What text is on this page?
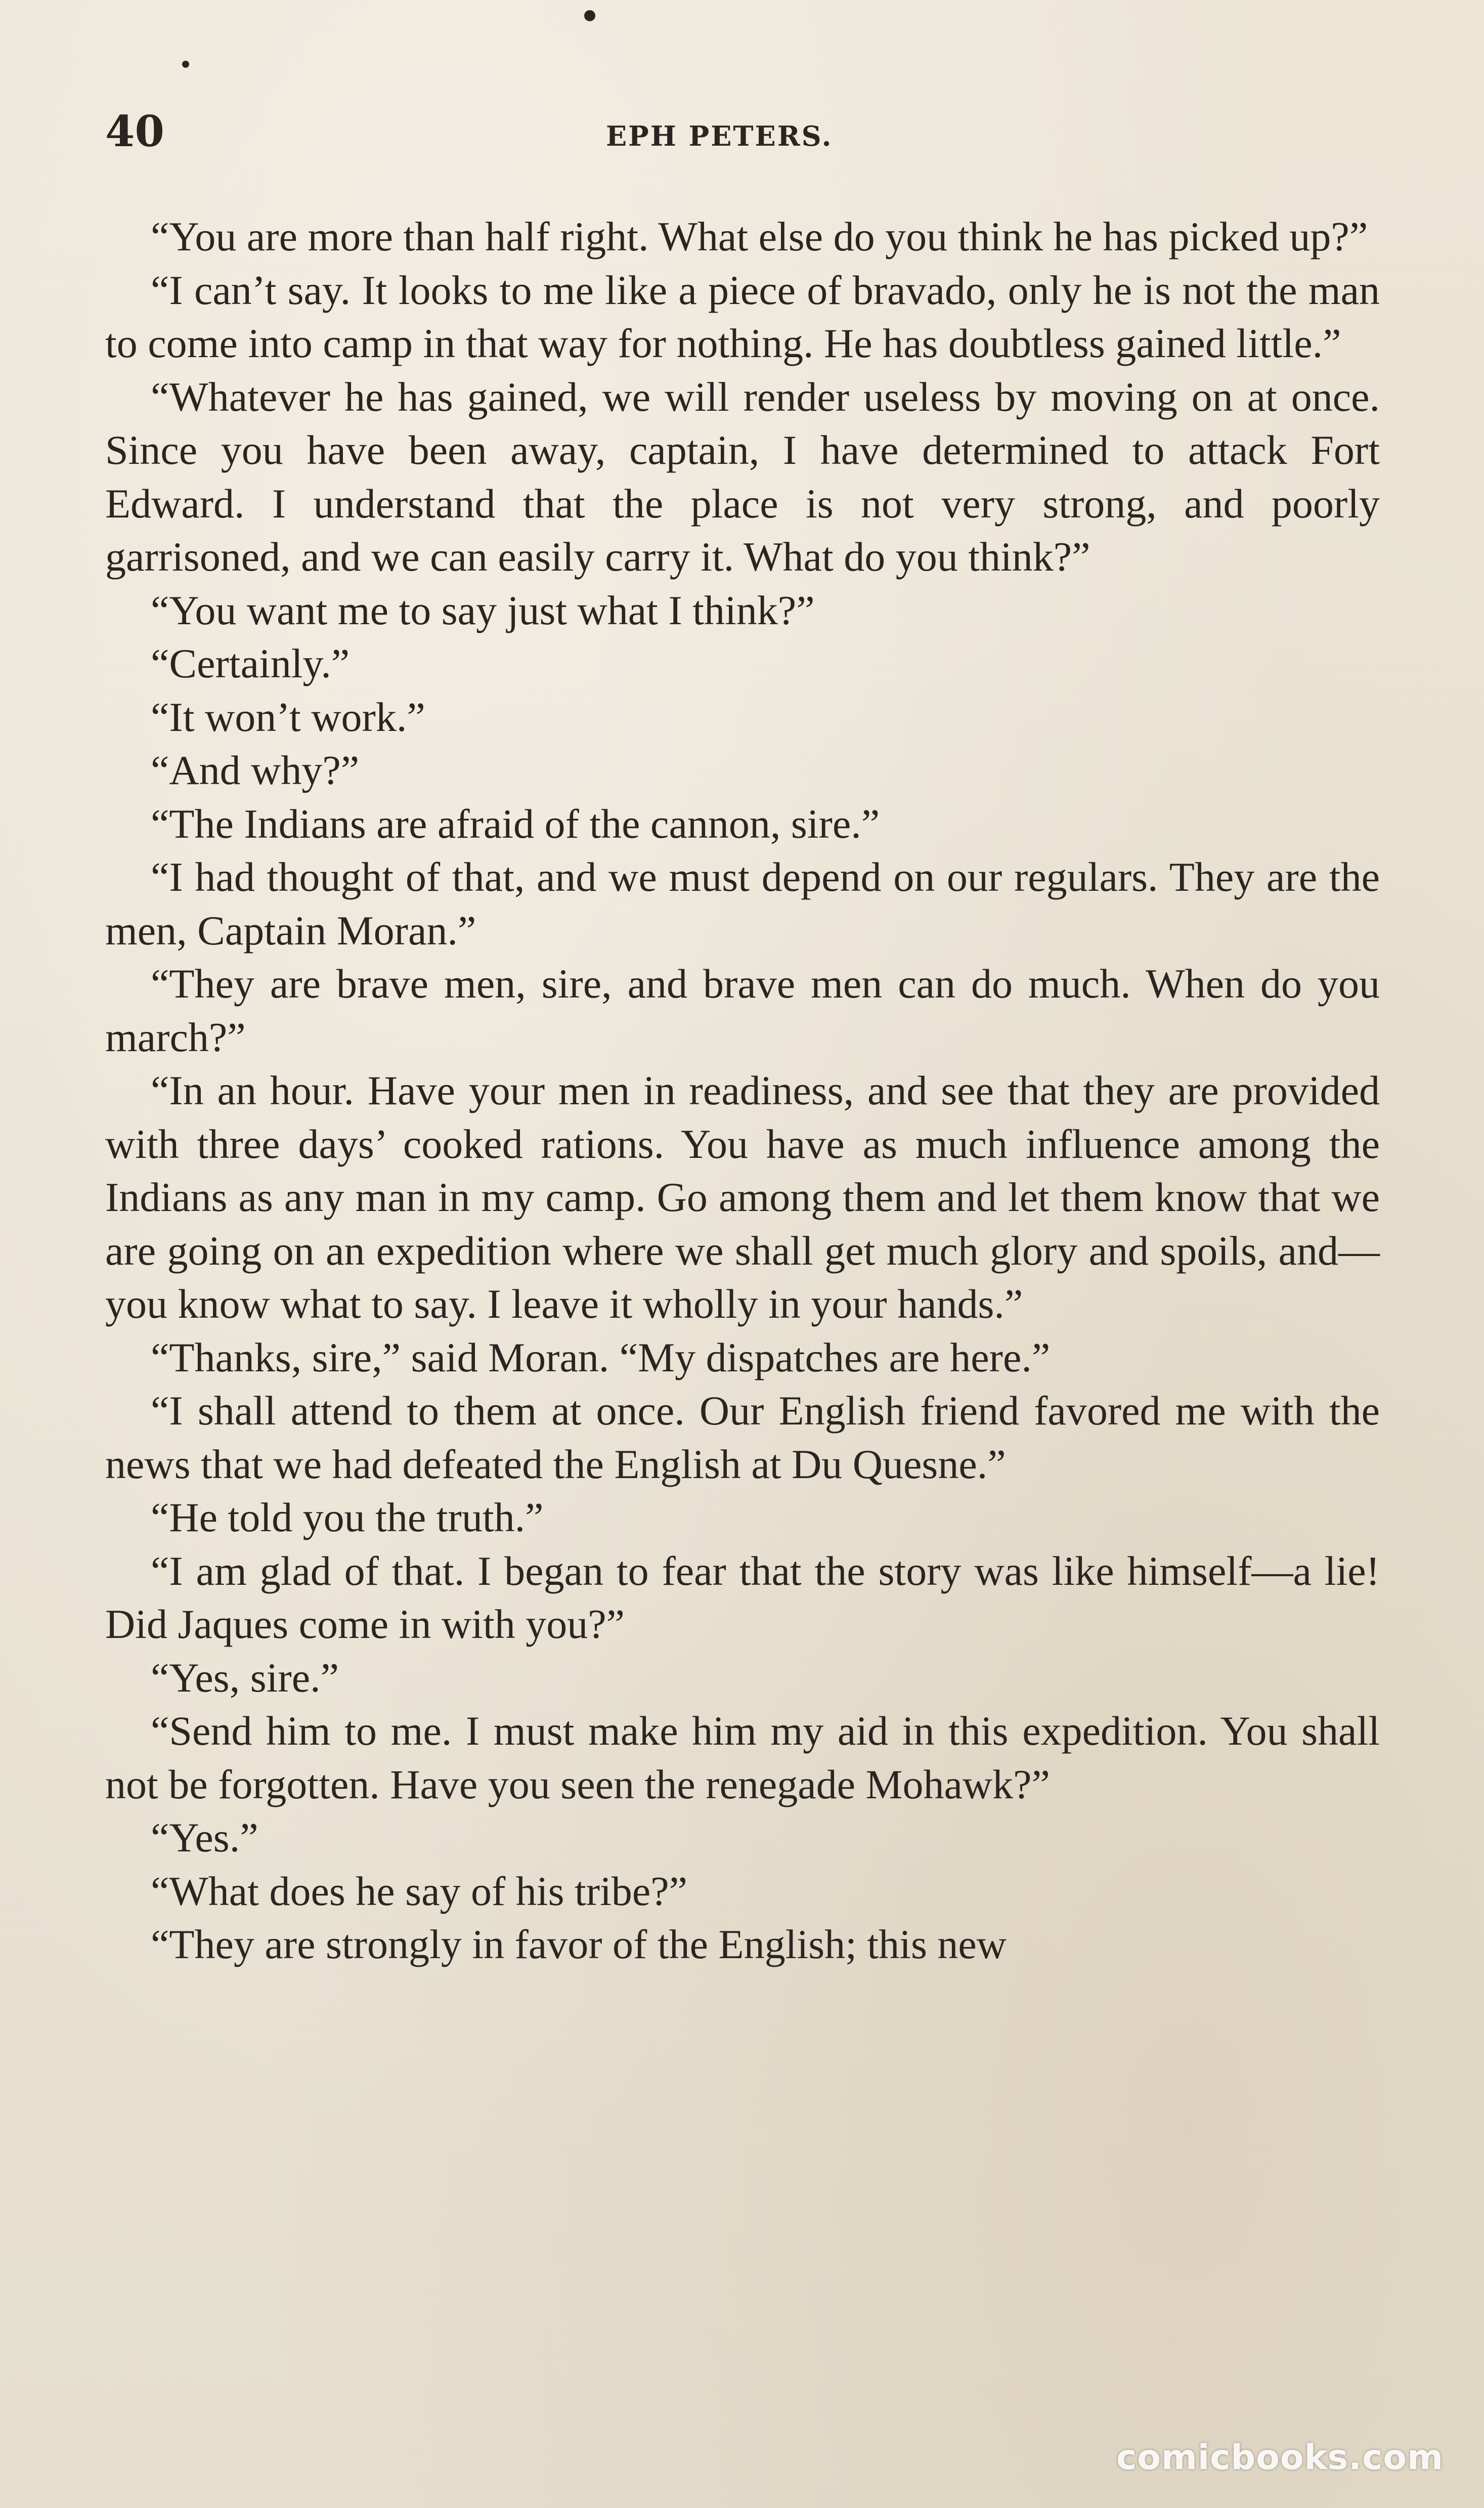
40	EPH PETERS.

“You are more than half right. What else do you think he has picked up?”

“I can’t say. It looks to me like a piece of bravado, only he is not the man to come into camp in that way for nothing. He has doubtless gained little.”

“Whatever he has gained, we will render useless by moving on at once. Since you have been away, captain, I have determined to attack Fort Edward. I understand that the place is not very strong, and poorly garrisoned, and we can easily carry it. What do you think?”

“You want me to say just what I think?”

“Certainly.”

“It won’t work.”

“And why?”

“The Indians are afraid of the cannon, sire.”

“I had thought of that, and we must depend on our regulars. They are the men, Captain Moran.”

“They are brave men, sire, and brave men can do much. When do you march?”

“In an hour. Have your men in readiness, and see that they are provided with three days’ cooked rations. You have as much influence among the Indians as any man in my camp. Go among them and let them know that we are going on an expedition where we shall get much glory and spoils, and— you know what to say. I leave it wholly in your hands.”

“Thanks, sire,” said Moran. “My dispatches are here.”

“I shall attend to them at once. Our English friend favored me with the news that we had defeated the English at Du Quesne.”

“He told you the truth.”

“I am glad of that. I began to fear that the story was like himself—a lie! Did Jaques come in with you?”

“Yes, sire.”

“Send him to me. I must make him my aid in this expedition. You shall not be forgotten. Have you seen the renegade Mohawk?”

“Yes.”

“What does he say of his tribe?”

“They are strongly in favor of the English; this new

comicbooks.com
